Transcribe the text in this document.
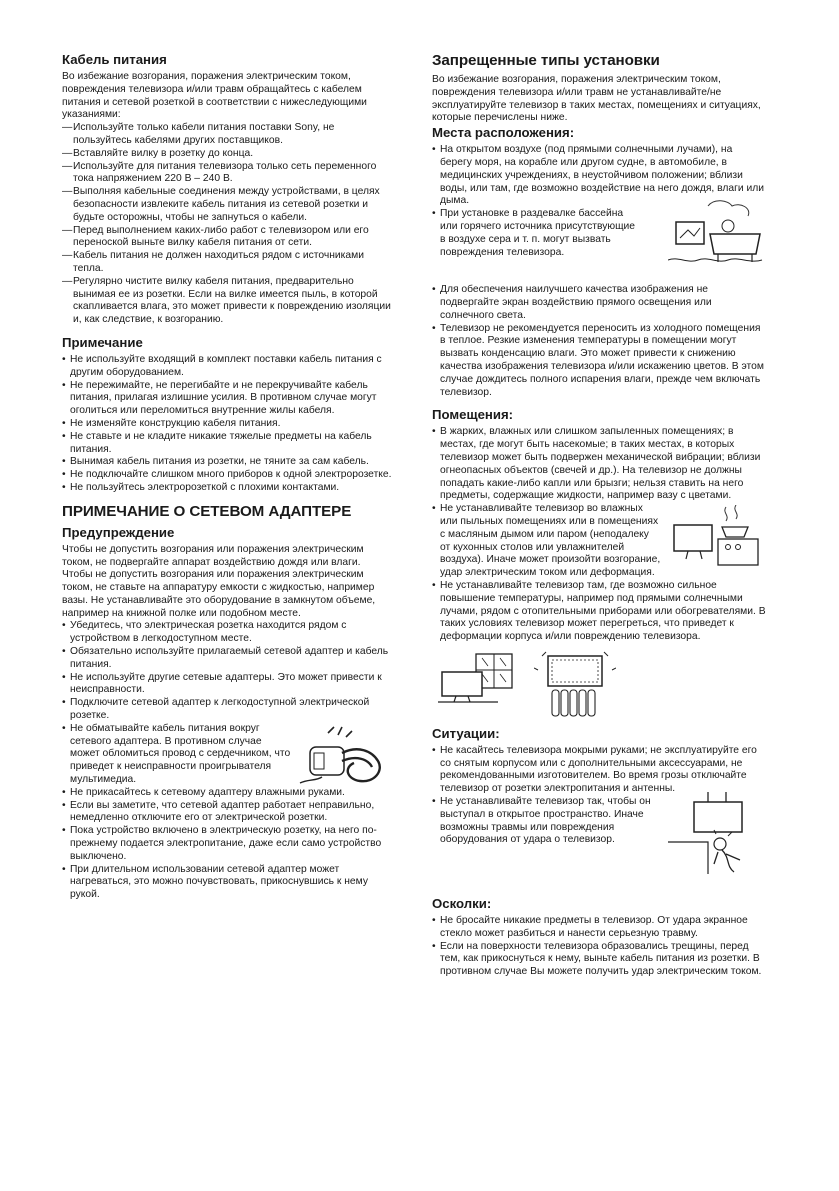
Кабель питания

Во избежание возгорания, поражения электрическим током, повреждения телевизора и/или травм обращайтесь с кабелем питания и сетевой розеткой в соответствии с нижеследующими указаниями:

— Используйте только кабели питания поставки Sony, не пользуйтесь кабелями других поставщиков.
— Вставляйте вилку в розетку до конца.
— Используйте для питания телевизора только сеть переменного тока напряжением 220 В – 240 В.
— Выполняя кабельные соединения между устройствами, в целях безопасности извлеките кабель питания из сетевой розетки и будьте осторожны, чтобы не запнуться о кабели.
— Перед выполнением каких-либо работ с телевизором или его переноской выньте вилку кабеля питания от сети.
— Кабель питания не должен находиться рядом с источниками тепла.
— Регулярно чистите вилку кабеля питания, предварительно вынимая ее из розетки. Если на вилке имеется пыль, в которой скапливается влага, это может привести к повреждению изоляции и, как следствие, к возгоранию.
Примечание
• Не используйте входящий в комплект поставки кабель питания с другим оборудованием.
• Не пережимайте, не перегибайте и не перекручивайте кабель питания, прилагая излишние усилия. В противном случае могут оголиться или переломиться внутренние жилы кабеля.
• Не изменяйте конструкцию кабеля питания.
• Не ставьте и не кладите никакие тяжелые предметы на кабель питания.
• Вынимая кабель питания из розетки, не тяните за сам кабель.
• Не подключайте слишком много приборов к одной электророзетке.
• Не пользуйтесь электророзеткой с плохими контактами.
ПРИМЕЧАНИЕ О СЕТЕВОМ АДАПТЕРЕ
Предупреждение

Чтобы не допустить возгорания или поражения электрическим током, не подвергайте аппарат воздействию дождя или влаги.

Чтобы не допустить возгорания или поражения электрическим током, не ставьте на аппаратуру емкости с жидкостью, например вазы. Не устанавливайте это оборудование в замкнутом объеме, например на книжной полке или подобном месте.

• Убедитесь, что электрическая розетка находится рядом с устройством в легкодоступном месте.
• Обязательно используйте прилагаемый сетевой адаптер и кабель питания.
• Не используйте другие сетевые адаптеры. Это может привести к неисправности.
• Подключите сетевой адаптер к легкодоступной электрической розетке.
• Не обматывайте кабель питания вокруг сетевого адаптера. В противном случае может обломиться провод с сердечником, что приведет к неисправности проигрывателя мультимедиа.
• Не прикасайтесь к сетевому адаптеру влажными руками.
• Если вы заметите, что сетевой адаптер работает неправильно, немедленно отключите его от электрической розетки.
• Пока устройство включено в электрическую розетку, на него по-прежнему подается электропитание, даже если само устройство выключено.
• При длительном использовании сетевой адаптер может нагреваться, это можно почувствовать, прикоснувшись к нему рукой.
Запрещенные типы установки

Во избежание возгорания, поражения электрическим током, повреждения телевизора и/или травм не устанавливайте/не эксплуатируйте телевизор в таких местах, помещениях и ситуациях, которые перечислены ниже.

Места расположения:
• На открытом воздухе (под прямыми солнечными лучами), на берегу моря, на корабле или другом судне, в автомобиле, в медицинских учреждениях, в неустойчивом положении; вблизи воды, или там, где возможно воздействие на него дождя, влаги или дыма.
• При установке в раздевалке бассейна или горячего источника присутствующие в воздухе сера и т. п. могут вызвать повреждения телевизора.
• Для обеспечения наилучшего качества изображения не подвергайте экран воздействию прямого освещения или солнечного света.
• Телевизор не рекомендуется переносить из холодного помещения в теплое. Резкие изменения температуры в помещении могут вызвать конденсацию влаги. Это может привести к снижению качества изображения телевизора и/или искажению цветов. В этом случае дождитесь полного испарения влаги, прежде чем включать телевизор.
Помещения:
• В жарких, влажных или слишком запыленных помещениях; в местах, где могут быть насекомые; в таких местах, в которых телевизор может быть подвержен механической вибрации; вблизи огнеопасных объектов (свечей и др.). На телевизор не должны попадать какие-либо капли или брызги; нельзя ставить на него предметы, содержащие жидкости, например вазу с цветами.
• Не устанавливайте телевизор во влажных или пыльных помещениях или в помещениях с масляным дымом или паром (неподалеку от кухонных столов или увлажнителей воздуха). Иначе может произойти возгорание, удар электрическим током или деформация.
• Не устанавливайте телевизор там, где возможно сильное повышение температуры, например под прямыми солнечными лучами, рядом с отопительными приборами или обогревателями. В таких условиях телевизор может перегреться, что приведет к деформации корпуса и/или повреждению телевизора.
Ситуации:
• Не касайтесь телевизора мокрыми руками; не эксплуатируйте его со снятым корпусом или с дополнительными аксессуарами, не рекомендованными изготовителем. Во время грозы отключайте телевизор от розетки электропитания и антенны.
• Не устанавливайте телевизор так, чтобы он выступал в открытое пространство. Иначе возможны травмы или повреждения оборудования от удара о телевизор.
Осколки:
• Не бросайте никакие предметы в телевизор. От удара экранное стекло может разбиться и нанести серьезную травму.
• Если на поверхности телевизора образовались трещины, перед тем, как прикоснуться к нему, выньте кабель питания из розетки. В противном случае Вы можете получить удар электрическим током.
